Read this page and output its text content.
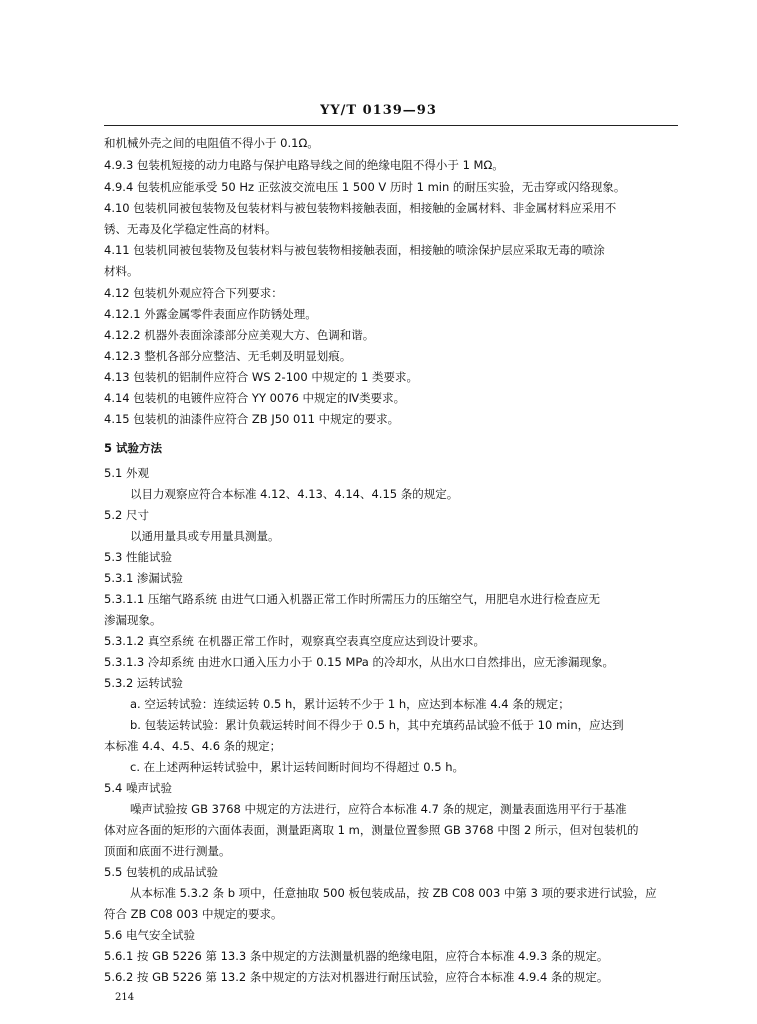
YY/T 0139—93
和机械外壳之间的电阻值不得小于 0.1Ω。
4.9.3 包装机短接的动力电路与保护电路导线之间的绝缘电阻不得小于 1 MΩ。
4.9.4 包装机应能承受 50 Hz 正弦波交流电压 1 500 V 历时 1 min 的耐压实验，无击穿或闪络现象。
4.10 包装机同被包装物及包装材料与被包装物料接触表面，相接触的金属材料、非金属材料应采用不
锈、无毒及化学稳定性高的材料。
4.11 包装机同被包装物及包装材料与被包装物相接触表面，相接触的喷涂保护层应采取无毒的喷涂
材料。
4.12 包装机外观应符合下列要求：
4.12.1 外露金属零件表面应作防锈处理。
4.12.2 机器外表面涂漆部分应美观大方、色调和谐。
4.12.3 整机各部分应整洁、无毛刺及明显划痕。
4.13 包装机的铝制件应符合 WS 2-100 中规定的 1 类要求。
4.14 包装机的电镀件应符合 YY 0076 中规定的Ⅳ类要求。
4.15 包装机的油漆件应符合 ZB J50 011 中规定的要求。
5 试验方法
5.1 外观
以目力观察应符合本标准 4.12、4.13、4.14、4.15 条的规定。
5.2 尺寸
以通用量具或专用量具测量。
5.3 性能试验
5.3.1 渗漏试验
5.3.1.1 压缩气路系统 由进气口通入机器正常工作时所需压力的压缩空气，用肥皂水进行检查应无
渗漏现象。
5.3.1.2 真空系统 在机器正常工作时，观察真空表真空度应达到设计要求。
5.3.1.3 冷却系统 由进水口通入压力小于 0.15 MPa 的冷却水，从出水口自然排出，应无渗漏现象。
5.3.2 运转试验
a. 空运转试验：连续运转 0.5 h，累计运转不少于 1 h，应达到本标准 4.4 条的规定；
b. 包装运转试验：累计负载运转时间不得少于 0.5 h，其中充填药品试验不低于 10 min，应达到
本标准 4.4、4.5、4.6 条的规定；
c. 在上述两种运转试验中，累计运转间断时间均不得超过 0.5 h。
5.4 噪声试验
噪声试验按 GB 3768 中规定的方法进行，应符合本标准 4.7 条的规定，测量表面选用平行于基准
体对应各面的矩形的六面体表面，测量距离取 1 m，测量位置参照 GB 3768 中图 2 所示，但对包装机的
顶面和底面不进行测量。
5.5 包装机的成品试验
从本标准 5.3.2 条 b 项中，任意抽取 500 板包装成品，按 ZB C08 003 中第 3 项的要求进行试验，应
符合 ZB C08 003 中规定的要求。
5.6 电气安全试验
5.6.1 按 GB 5226 第 13.3 条中规定的方法测量机器的绝缘电阻，应符合本标准 4.9.3 条的规定。
5.6.2 按 GB 5226 第 13.2 条中规定的方法对机器进行耐压试验，应符合本标准 4.9.4 条的规定。
214
